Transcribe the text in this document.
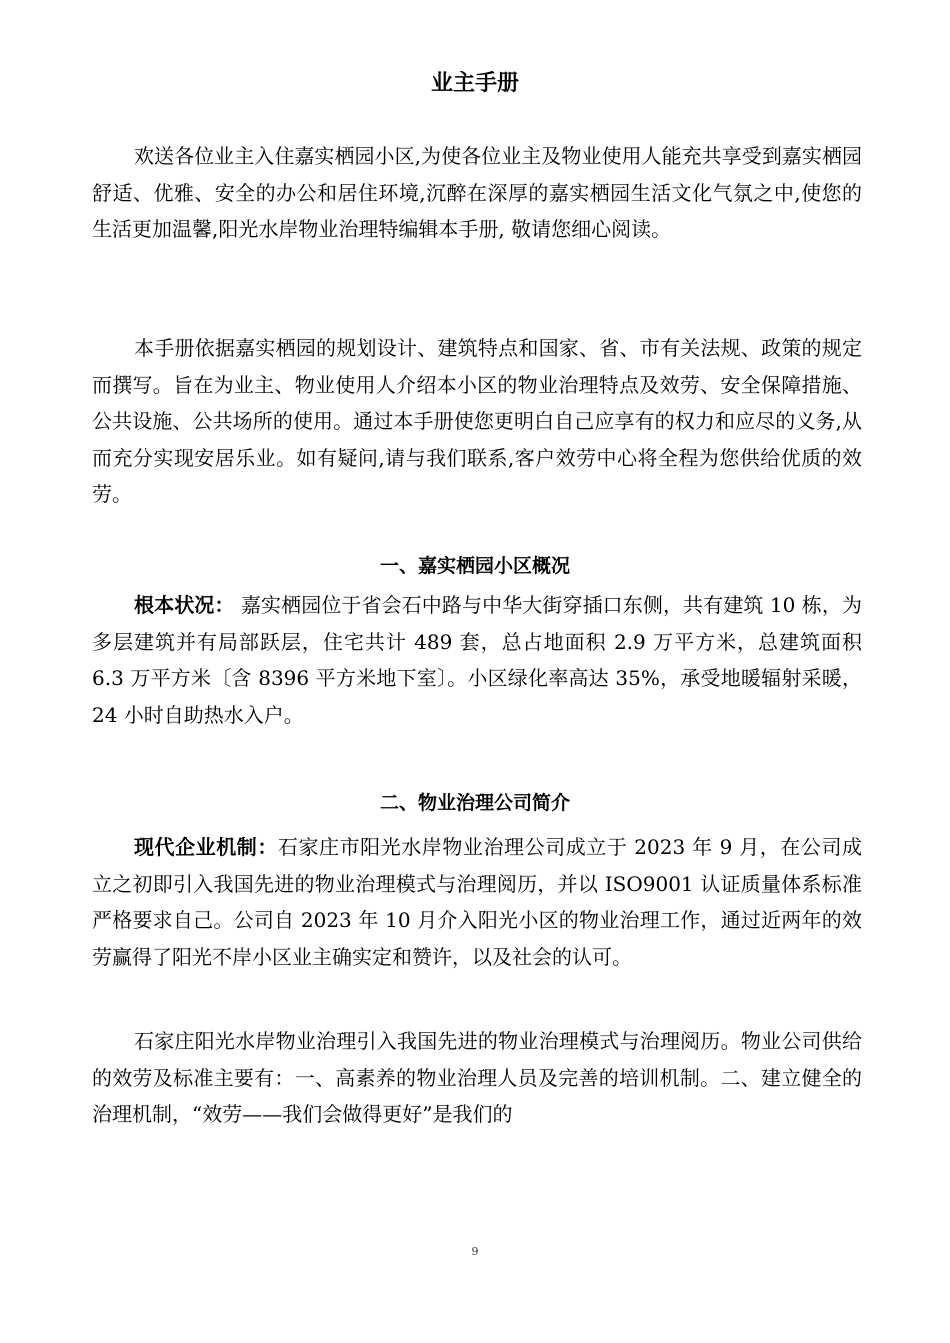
业主手册

欢送各位业主入住嘉实栖园小区,为使各位业主及物业使用人能充共享受到嘉实栖园舒适、优雅、安全的办公和居住环境,沉醉在深厚的嘉实栖园生活文化气氛之中,使您的生活更加温馨,阳光水岸物业治理特编辑本手册, 敬请您细心阅读。

本手册依据嘉实栖园的规划设计、建筑特点和国家、省、市有关法规、政策的规定而撰写。旨在为业主、物业使用人介绍本小区的物业治理特点及效劳、安全保障措施、公共设施、公共场所的使用。通过本手册使您更明白自己应享有的权力和应尽的义务,从而充分实现安居乐业。如有疑问,请与我们联系,客户效劳中心将全程为您供给优质的效劳。

一、嘉实栖园小区概况

根本状况： 嘉实栖园位于省会石中路与中华大街穿插口东侧，共有建筑 10 栋，为多层建筑并有局部跃层，住宅共计 489 套，总占地面积 2.9 万平方米，总建筑面积 6.3 万平方米〔含 8396 平方米地下室〕。小区绿化率高达 35%，承受地暖辐射采暖，24 小时自助热水入户。

二、物业治理公司简介

现代企业机制：石家庄市阳光水岸物业治理公司成立于 2023 年 9 月，在公司成立之初即引入我国先进的物业治理模式与治理阅历，并以 ISO9001 认证质量体系标准严格要求自己。公司自 2023 年 10 月介入阳光小区的物业治理工作，通过近两年的效劳赢得了阳光不岸小区业主确实定和赞许，以及社会的认可。

石家庄阳光水岸物业治理引入我国先进的物业治理模式与治理阅历。物业公司供给的效劳及标准主要有：一、高素养的物业治理人员及完善的培训机制。二、建立健全的治理机制，“效劳——我们会做得更好”是我们的

9
